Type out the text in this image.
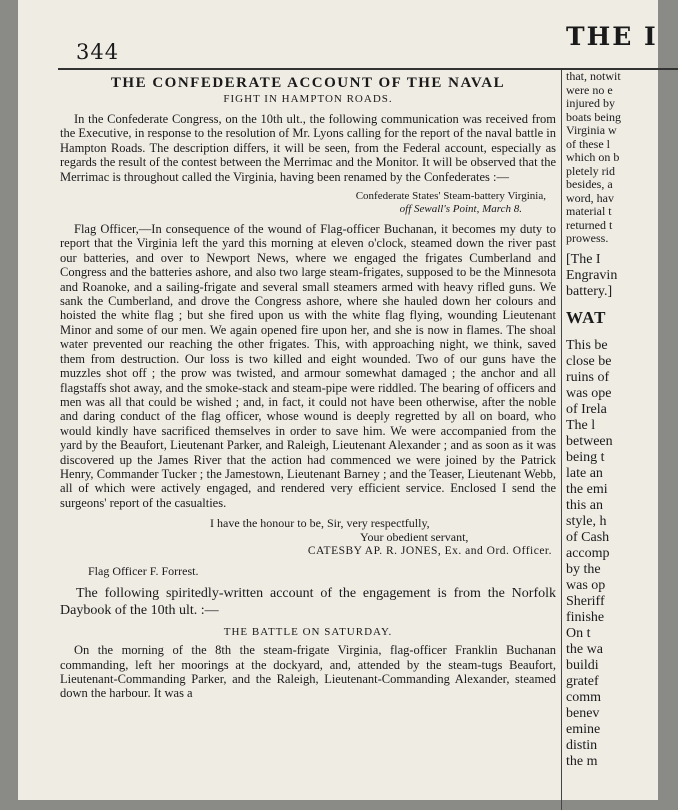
344
THE I
THE CONFEDERATE ACCOUNT OF THE NAVAL
FIGHT IN HAMPTON ROADS.

In the Confederate Congress, on the 10th ult., the following communication was received from the Executive, in response to the resolution of Mr. Lyons calling for the report of the naval battle in Hampton Roads. The description differs, it will be seen, from the Federal account, especially as regards the result of the contest between the Merrimac and the Monitor. It will be observed that the Merrimac is throughout called the Virginia, having been renamed by the Confederates :—

Confederate States' Steam-battery Virginia,
off Sewall's Point, March 8.

Flag Officer,—In consequence of the wound of Flag-officer Buchanan, it becomes my duty to report that the Virginia left the yard this morning at eleven o'clock, steamed down the river past our batteries, and over to Newport News, where we engaged the frigates Cumberland and Congress and the batteries ashore, and also two large steam-frigates, supposed to be the Minnesota and Roanoke, and a sailing-frigate and several small steamers armed with heavy rifled guns. We sank the Cumberland, and drove the Congress ashore, where she hauled down her colours and hoisted the white flag ; but she fired upon us with the white flag flying, wounding Lieutenant Minor and some of our men. We again opened fire upon her, and she is now in flames. The shoal water prevented our reaching the other frigates. This, with approaching night, we think, saved them from destruction. Our loss is two killed and eight wounded. Two of our guns have the muzzles shot off ; the prow was twisted, and armour somewhat damaged ; the anchor and all flagstaffs shot away, and the smoke-stack and steam-pipe were riddled. The bearing of officers and men was all that could be wished ; and, in fact, it could not have been otherwise, after the noble and daring conduct of the flag officer, whose wound is deeply regretted by all on board, who would kindly have sacrificed themselves in order to save him. We were accompanied from the yard by the Beaufort, Lieutenant Parker, and Raleigh, Lieutenant Alexander ; and as soon as it was discovered up the James River that the action had commenced we were joined by the Patrick Henry, Commander Tucker ; the Jamestown, Lieutenant Barney ; and the Teaser, Lieutenant Webb, all of which were actively engaged, and rendered very efficient service. Enclosed I send the surgeons' report of the casualties.

I have the honour to be, Sir, very respectfully,
Your obedient servant,
CATESBY AP. R. JONES, Ex. and Ord. Officer.
Flag Officer F. Forrest.
The following spiritedly-written account of the engagement is from the Norfolk Daybook of the 10th ult. :—
THE BATTLE ON SATURDAY.

On the morning of the 8th the steam-frigate Virginia, flag-officer Franklin Buchanan commanding, left her moorings at the dockyard, and, attended by the steam-tugs Beaufort, Lieutenant-Commanding Parker, and the Raleigh, Lieutenant-Commanding Alexander, steamed down the harbour. It was a

that, notwit
were no e
injured by
boats being
Virginia w
of these l
which on b
pletely rid
besides, a
word, hav
material t
returned t
prowess.
[The I
Engravin
battery.]
WAT
This be
close be
ruins of
was ope
of Irela
The l
between
being t
late an
the emi
this an
style, h
of Cash
accomp
by the
was op
Sheriff
finishe
On t
the wa
buildi
gratef
comm
benev
emine
distin
the m
